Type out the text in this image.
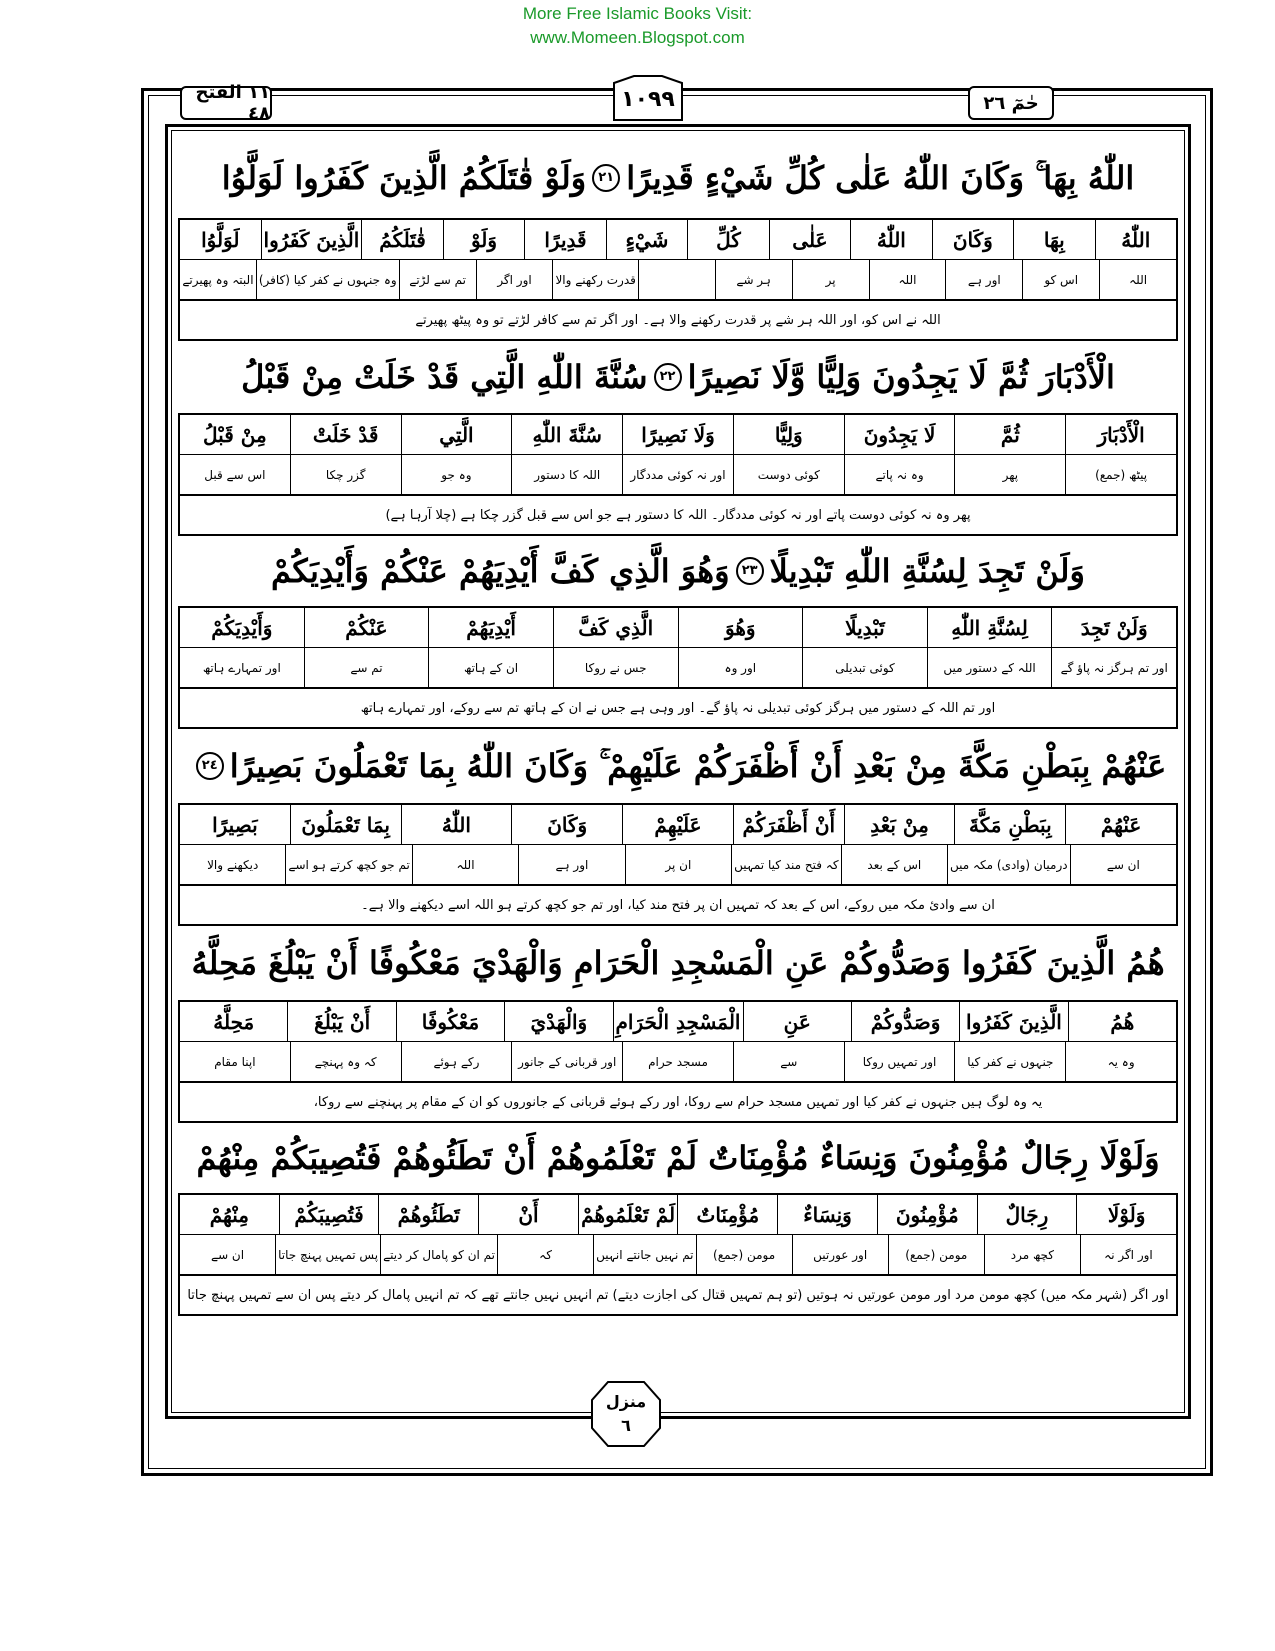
More Free Islamic Books Visit:
www.Momeen.Blogspot.com
١١ الفتح ٤٨	حٰمٓ ٢٦
١٠٩٩
اللّٰهُ بِهَا ۚ وَكَانَ اللّٰهُ عَلٰى كُلِّ شَيْءٍ قَدِيرًا
٢١
وَلَوْ قٰتَلَكُمُ الَّذِينَ كَفَرُوا لَوَلَّوُا
اللّٰهُ
بِهَا
وَكَانَ
اللّٰهُ
عَلٰى
كُلِّ
شَيْءٍ
قَدِيرًا
وَلَوْ
قٰتَلَكُمُ
الَّذِينَ كَفَرُوا
لَوَلَّوُا
اللہ
اس کو
اور ہے
اللہ
پر
ہر شے
قدرت رکھنے والا
اور اگر
تم سے لڑتے
وہ جنہوں نے کفر کیا (کافر)
البتہ وہ پھیرتے
اللہ نے اس کو، اور اللہ ہر شے پر قدرت رکھنے والا ہے۔ اور اگر تم سے کافر لڑتے تو وہ پیٹھ پھیرتے
الْأَدْبَارَ ثُمَّ لَا يَجِدُونَ وَلِيًّا وَّلَا نَصِيرًا
٢٢
سُنَّةَ اللّٰهِ الَّتِي قَدْ خَلَتْ مِنْ قَبْلُ
الْأَدْبَارَ
ثُمَّ
لَا يَجِدُونَ
وَلِيًّا
وَلَا نَصِيرًا
سُنَّةَ اللّٰهِ
الَّتِي
قَدْ خَلَتْ
مِنْ قَبْلُ
پیٹھ (جمع)
پھر
وہ نہ پاتے
کوئی دوست
اور نہ کوئی مددگار
اللہ کا دستور
وہ جو
گزر چکا
اس سے قبل
پھر وہ نہ کوئی دوست پاتے اور نہ کوئی مددگار۔ اللہ کا دستور ہے جو اس سے قبل گزر چکا ہے (چلا آرہا ہے)
وَلَنْ تَجِدَ لِسُنَّةِ اللّٰهِ تَبْدِيلًا
٢٣
وَهُوَ الَّذِي كَفَّ أَيْدِيَهُمْ عَنْكُمْ وَأَيْدِيَكُمْ
وَلَنْ تَجِدَ
لِسُنَّةِ اللّٰهِ
تَبْدِيلًا
وَهُوَ
الَّذِي كَفَّ
أَيْدِيَهُمْ
عَنْكُمْ
وَأَيْدِيَكُمْ
اور تم ہرگز نہ پاؤ گے
اللہ کے دستور میں
کوئی تبدیلی
اور وہ
جس نے روکا
ان کے ہاتھ
تم سے
اور تمہارے ہاتھ
اور تم اللہ کے دستور میں ہرگز کوئی تبدیلی نہ پاؤ گے۔ اور وہی ہے جس نے ان کے ہاتھ تم سے روکے، اور تمہارے ہاتھ
عَنْهُمْ بِبَطْنِ مَكَّةَ مِنْ بَعْدِ أَنْ أَظْفَرَكُمْ عَلَيْهِمْ ۚ وَكَانَ اللّٰهُ بِمَا تَعْمَلُونَ بَصِيرًا
٢٤
عَنْهُمْ
بِبَطْنِ مَكَّةَ
مِنْ بَعْدِ
أَنْ أَظْفَرَكُمْ
عَلَيْهِمْ
وَكَانَ
اللّٰهُ
بِمَا تَعْمَلُونَ
بَصِيرًا
ان سے
درمیان (وادی) مکہ میں
اس کے بعد
کہ فتح مند کیا تمہیں
ان پر
اور ہے
اللہ
تم جو کچھ کرتے ہو اسے
دیکھنے والا
ان سے وادیٔ مکہ میں روکے، اس کے بعد کہ تمہیں ان پر فتح مند کیا، اور تم جو کچھ کرتے ہو اللہ اسے دیکھنے والا ہے۔
هُمُ الَّذِينَ كَفَرُوا وَصَدُّوكُمْ عَنِ الْمَسْجِدِ الْحَرَامِ وَالْهَدْيَ مَعْكُوفًا أَنْ يَبْلُغَ مَحِلَّهُ
هُمُ
الَّذِينَ كَفَرُوا
وَصَدُّوكُمْ
عَنِ
الْمَسْجِدِ الْحَرَامِ
وَالْهَدْيَ
مَعْكُوفًا
أَنْ يَبْلُغَ
مَحِلَّهُ
وہ یہ
جنہوں نے کفر کیا
اور تمہیں روکا
سے
مسجد حرام
اور قربانی کے جانور
رکے ہوئے
کہ وہ پہنچے
اپنا مقام
یہ وہ لوگ ہیں جنہوں نے کفر کیا اور تمہیں مسجد حرام سے روکا، اور رکے ہوئے قربانی کے جانوروں کو ان کے مقام پر پہنچنے سے روکا،
وَلَوْلَا رِجَالٌ مُؤْمِنُونَ وَنِسَاءٌ مُؤْمِنَاتٌ لَمْ تَعْلَمُوهُمْ أَنْ تَطَئُوهُمْ فَتُصِيبَكُمْ مِنْهُمْ
وَلَوْلَا
رِجَالٌ
مُؤْمِنُونَ
وَنِسَاءٌ
مُؤْمِنَاتٌ
لَمْ تَعْلَمُوهُمْ
أَنْ
تَطَئُوهُمْ
فَتُصِيبَكُمْ
مِنْهُمْ
اور اگر نہ
کچھ مرد
مومن (جمع)
اور عورتیں
مومن (جمع)
تم نہیں جانتے انہیں
کہ
تم ان کو پامال کر دیتے
پس تمہیں پہنچ جاتا
ان سے
اور اگر (شہر مکہ میں) کچھ مومن مرد اور مومن عورتیں نہ ہوتیں (تو ہم تمہیں قتال کی اجازت دیتے) تم انہیں نہیں جانتے تھے کہ تم انہیں پامال کر دیتے پس ان سے تمہیں پہنچ جاتا
منزل
٦
